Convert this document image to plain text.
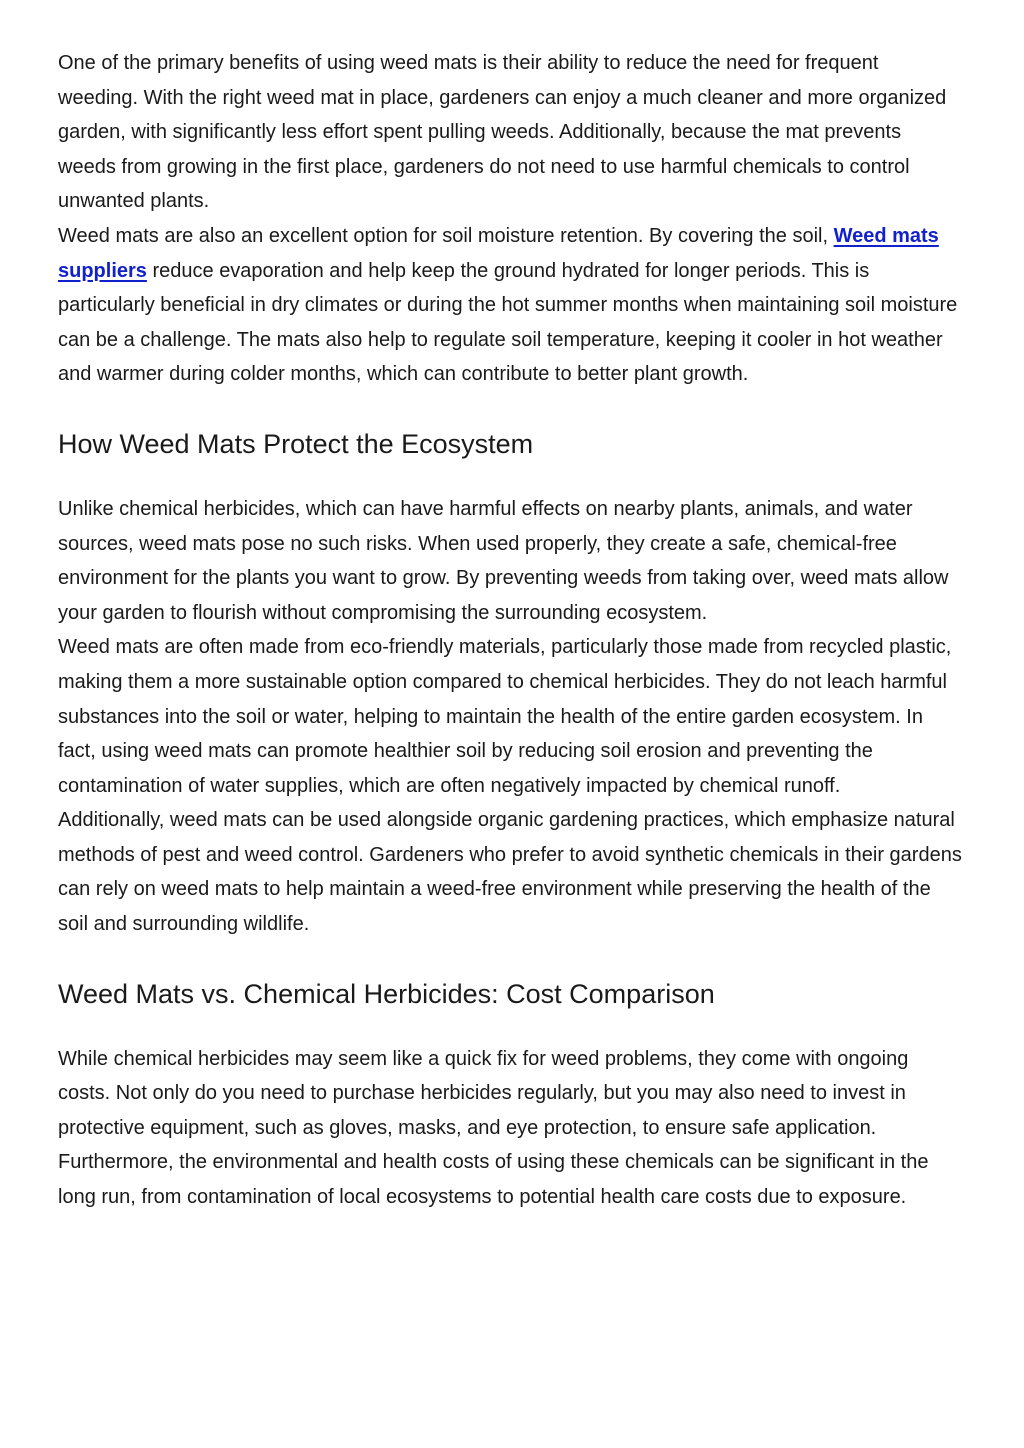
One of the primary benefits of using weed mats is their ability to reduce the need for frequent weeding. With the right weed mat in place, gardeners can enjoy a much cleaner and more organized garden, with significantly less effort spent pulling weeds. Additionally, because the mat prevents weeds from growing in the first place, gardeners do not need to use harmful chemicals to control unwanted plants.

Weed mats are also an excellent option for soil moisture retention. By covering the soil, Weed mats suppliers reduce evaporation and help keep the ground hydrated for longer periods. This is particularly beneficial in dry climates or during the hot summer months when maintaining soil moisture can be a challenge. The mats also help to regulate soil temperature, keeping it cooler in hot weather and warmer during colder months, which can contribute to better plant growth.

How Weed Mats Protect the Ecosystem

Unlike chemical herbicides, which can have harmful effects on nearby plants, animals, and water sources, weed mats pose no such risks. When used properly, they create a safe, chemical-free environment for the plants you want to grow. By preventing weeds from taking over, weed mats allow your garden to flourish without compromising the surrounding ecosystem.

Weed mats are often made from eco-friendly materials, particularly those made from recycled plastic, making them a more sustainable option compared to chemical herbicides. They do not leach harmful substances into the soil or water, helping to maintain the health of the entire garden ecosystem. In fact, using weed mats can promote healthier soil by reducing soil erosion and preventing the contamination of water supplies, which are often negatively impacted by chemical runoff.

Additionally, weed mats can be used alongside organic gardening practices, which emphasize natural methods of pest and weed control. Gardeners who prefer to avoid synthetic chemicals in their gardens can rely on weed mats to help maintain a weed-free environment while preserving the health of the soil and surrounding wildlife.

Weed Mats vs. Chemical Herbicides: Cost Comparison

While chemical herbicides may seem like a quick fix for weed problems, they come with ongoing costs. Not only do you need to purchase herbicides regularly, but you may also need to invest in protective equipment, such as gloves, masks, and eye protection, to ensure safe application. Furthermore, the environmental and health costs of using these chemicals can be significant in the long run, from contamination of local ecosystems to potential health care costs due to exposure.
